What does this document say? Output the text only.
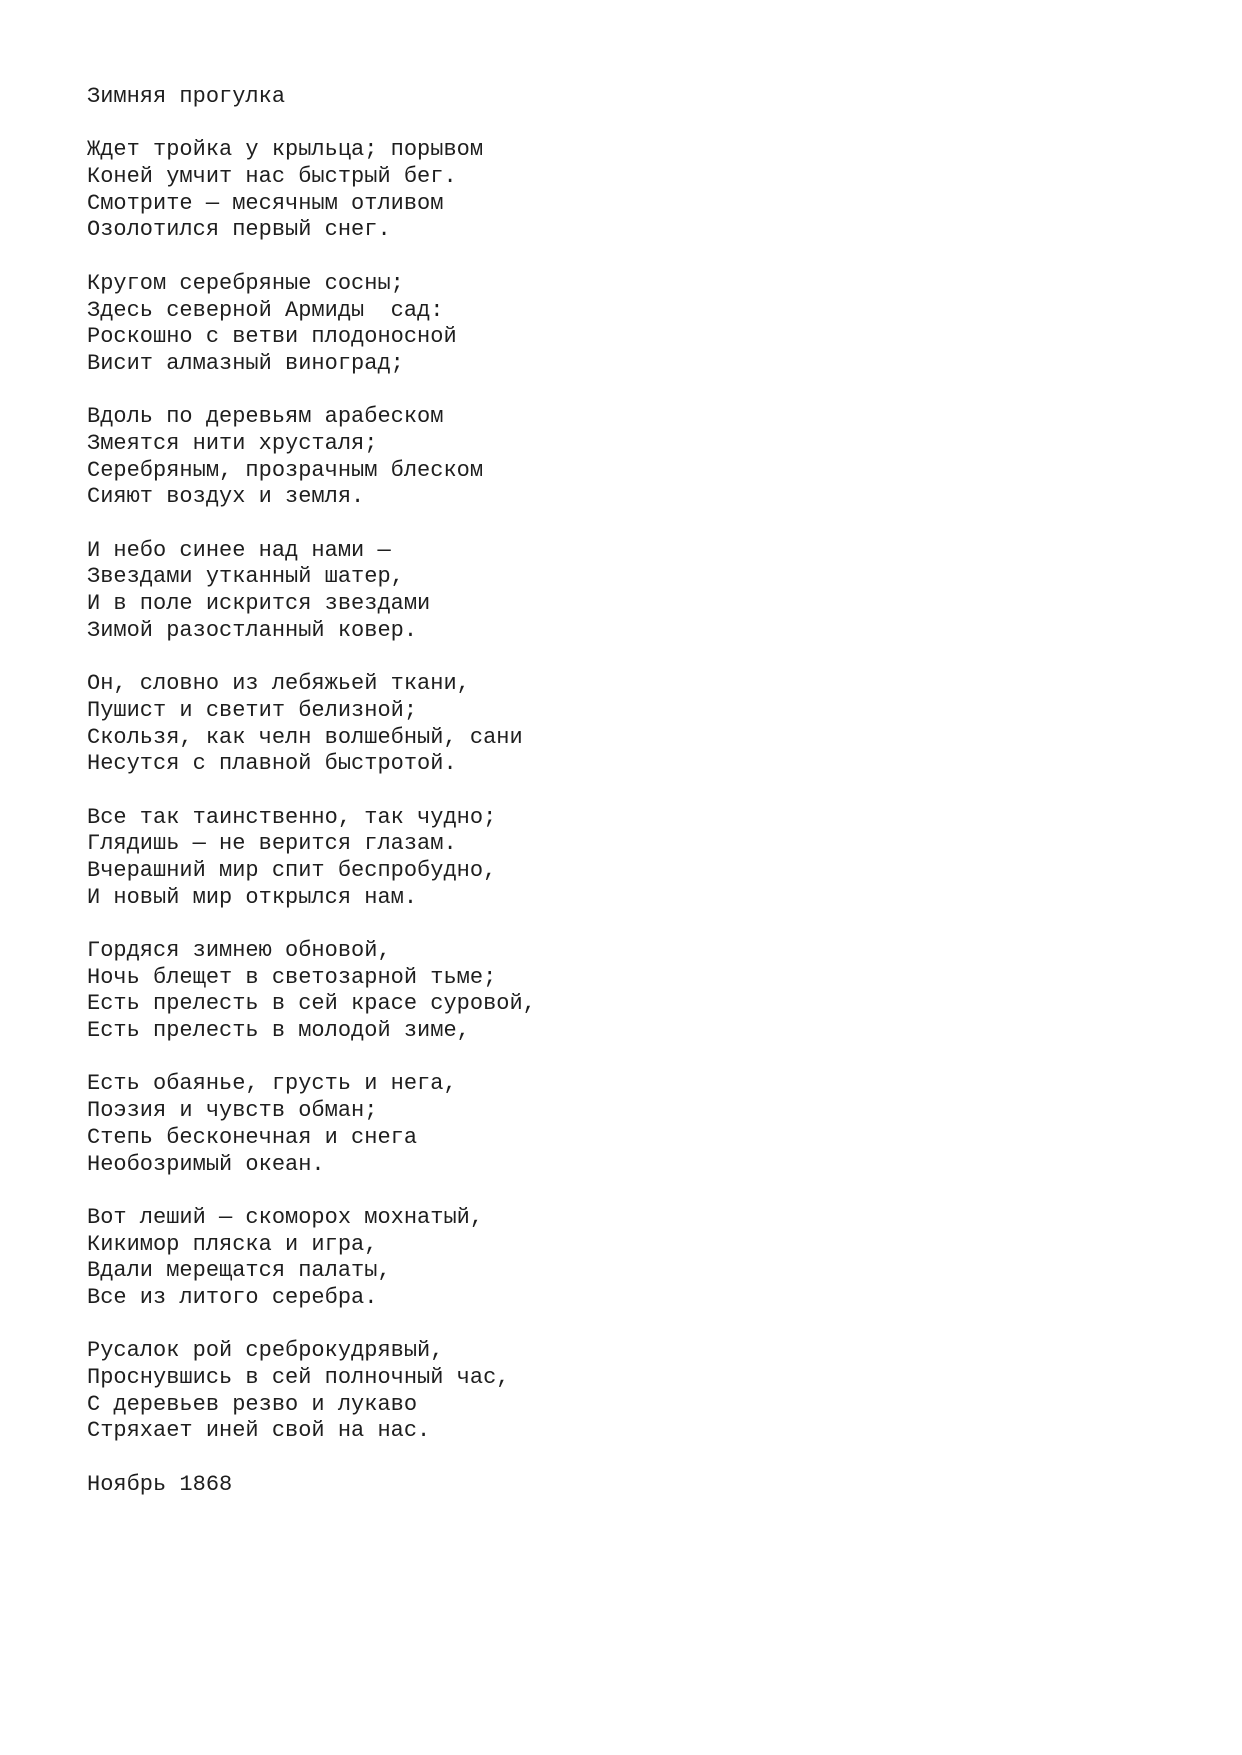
Зимняя прогулка
Ждет тройка у крыльца; порывом
Коней умчит нас быстрый бег.
Смотрите — месячным отливом
Озолотился первый снег.
Кругом серебряные сосны;
Здесь северной Армиды  сад:
Роскошно с ветви плодоносной
Висит алмазный виноград;
Вдоль по деревьям арабеском
Змеятся нити хрусталя;
Серебряным, прозрачным блеском
Сияют воздух и земля.
И небо синее над нами —
Звездами утканный шатер,
И в поле искрится звездами
Зимой разостланный ковер.
Он, словно из лебяжьей ткани,
Пушист и светит белизной;
Скользя, как челн волшебный, сани
Несутся с плавной быстротой.
Все так таинственно, так чудно;
Глядишь — не верится глазам.
Вчерашний мир спит беспробудно,
И новый мир открылся нам.
Гордяся зимнею обновой,
Ночь блещет в светозарной тьме;
Есть прелесть в сей красе суровой,
Есть прелесть в молодой зиме,
Есть обаянье, грусть и нега,
Поэзия и чувств обман;
Степь бесконечная и снега
Необозримый океан.
Вот леший — скоморох мохнатый,
Кикимор пляска и игра,
Вдали мерещатся палаты,
Все из литого серебра.
Русалок рой среброкудрявый,
Проснувшись в сей полночный час,
С деревьев резво и лукаво
Стряхает иней свой на нас.
Ноябрь 1868
